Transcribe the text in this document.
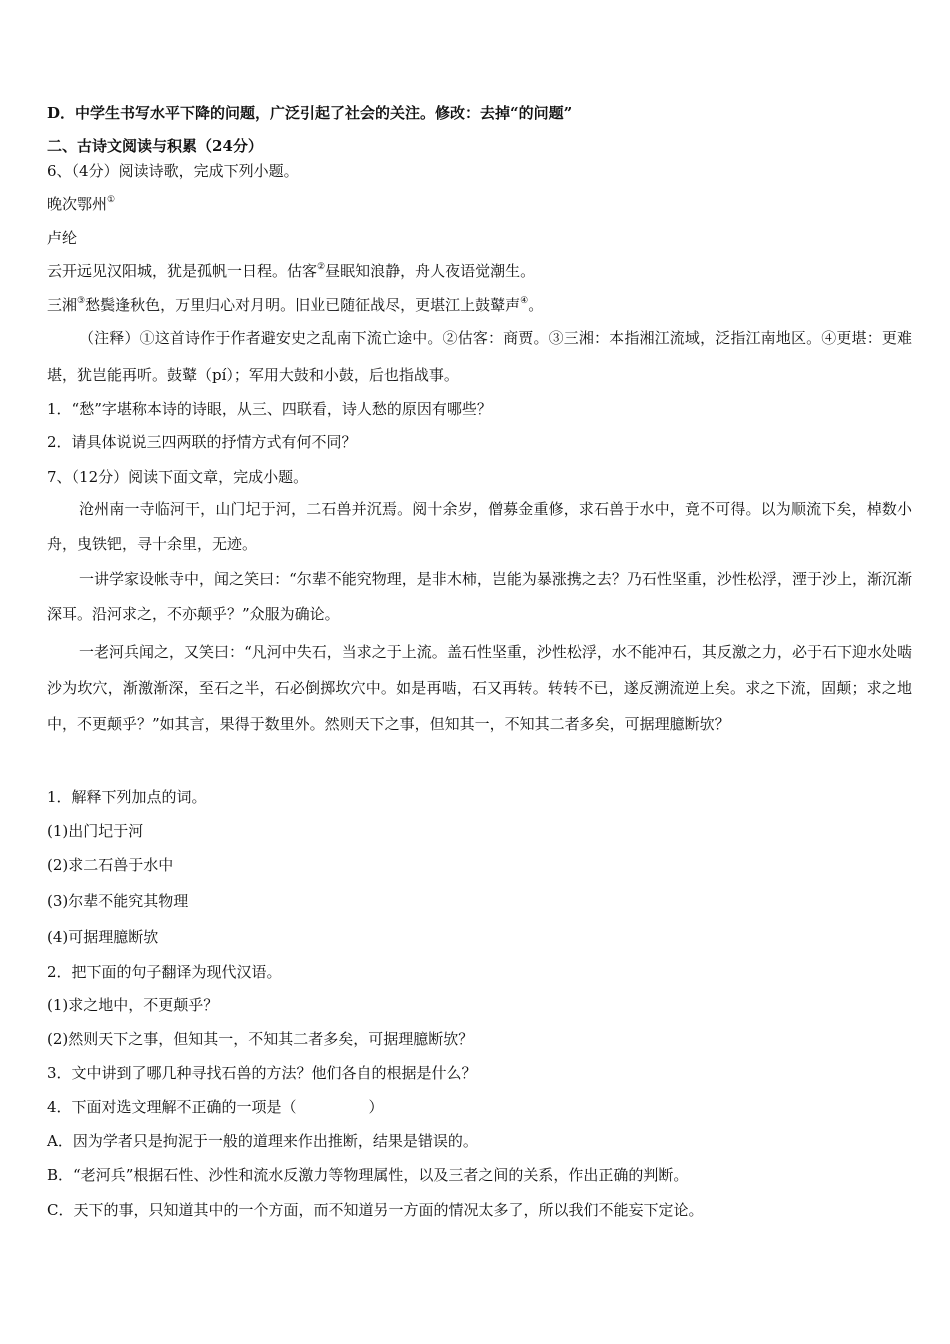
D．中学生书写水平下降的问题，广泛引起了社会的关注。修改：去掉“的问题”
二、古诗文阅读与积累（24分）
6、（4分）阅读诗歌，完成下列小题。
晚次鄂州①
卢纶
云开远见汉阳城，犹是孤帆一日程。估客②昼眠知浪静，舟人夜语觉潮生。
三湘③愁鬓逢秋色，万里归心对月明。旧业已随征战尽，更堪江上鼓鼙声④。
（注释）①这首诗作于作者避安史之乱南下流亡途中。②估客：商贾。③三湘：本指湘江流域，泛指江南地区。④更堪：更难堪，犹岂能再听。鼓鼙（pí）；军用大鼓和小鼓，后也指战事。
1．“愁”字堪称本诗的诗眼，从三、四联看，诗人愁的原因有哪些？
2．请具体说说三四两联的抒情方式有何不同？
7、（12分）阅读下面文章，完成小题。
沧州南一寺临河干，山门圮于河，二石兽并沉焉。阅十余岁，僧募金重修，求石兽于水中，竟不可得。以为顺流下矣，棹数小舟，曳铁钯，寻十余里，无迹。
一讲学家设帐寺中，闻之笑曰：“尔辈不能究物理，是非木柿，岂能为暴涨携之去？乃石性坚重，沙性松浮，湮于沙上，渐沉渐深耳。沿河求之，不亦颠乎？”众服为确论。
一老河兵闻之，又笑曰：“凡河中失石，当求之于上流。盖石性坚重，沙性松浮，水不能冲石，其反激之力，必于石下迎水处啮沙为坎穴，渐激渐深，至石之半，石必倒掷坎穴中。如是再啮，石又再转。转转不已，遂反溯流逆上矣。求之下流，固颠；求之地中，不更颠乎？”如其言，果得于数里外。然则天下之事，但知其一，不知其二者多矣，可据理臆断欤？
1．解释下列加点的词。
(1)出门圮于河
(2)求二石兽于水中
(3)尔辈不能究其物理
(4)可据理臆断欤
2．把下面的句子翻译为现代汉语。
(1)求之地中，不更颠乎？
(2)然则天下之事，但知其一，不知其二者多矣，可据理臆断欤？
3．文中讲到了哪几种寻找石兽的方法？他们各自的根据是什么？
4．下面对选文理解不正确的一项是（	）
A．因为学者只是拘泥于一般的道理来作出推断，结果是错误的。
B．“老河兵”根据石性、沙性和流水反激力等物理属性，以及三者之间的关系，作出正确的判断。
C．天下的事，只知道其中的一个方面，而不知道另一方面的情况太多了，所以我们不能妄下定论。
